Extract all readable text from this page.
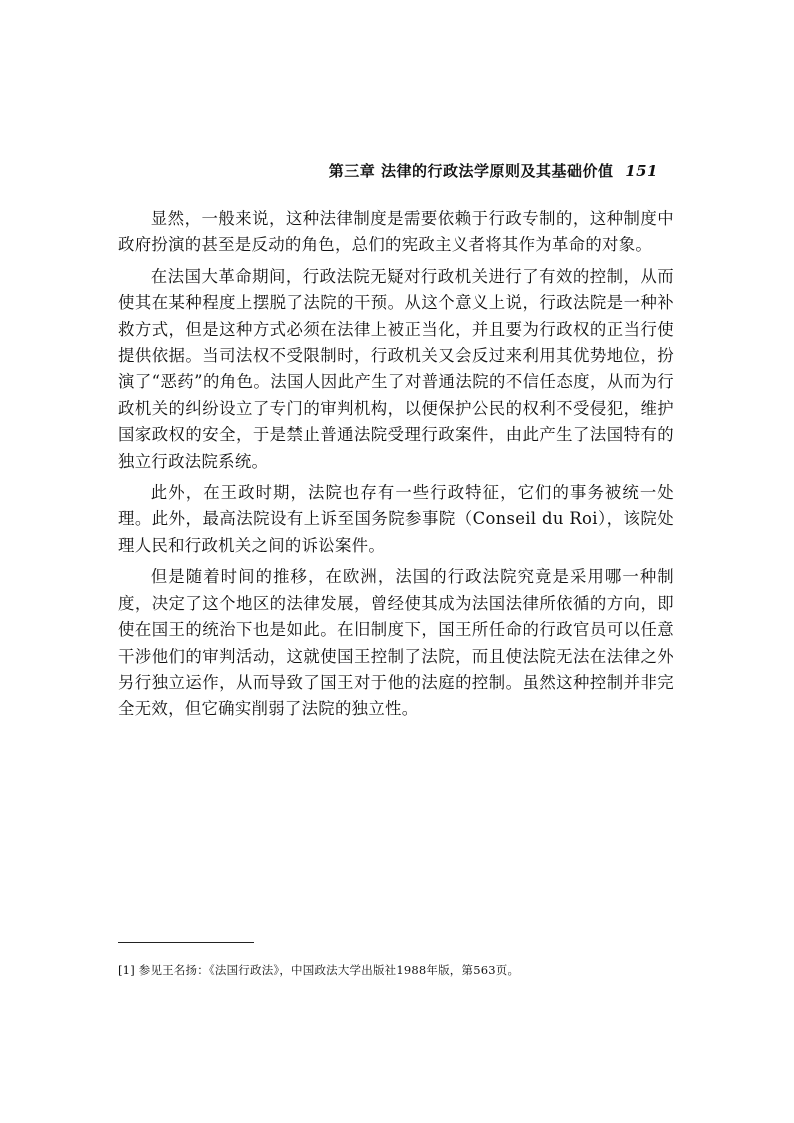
第三章 法律的行政法学原则及其基础价值 151

显然，一般来说，这种法律制度是需要依赖于行政专制的，这种制度中政府扮演的甚至是反动的角色，总们的宪政主义者将其作为革命的对象。

在法国大革命期间，行政法院无疑对行政机关进行了有效的控制，从而使其在某种程度上摆脱了法院的干预。从这个意义上说，行政法院是一种补救方式，但是这种方式必须在法律上被正当化，并且要为行政权的正当行使提供依据。当司法权不受限制时，行政机关又会反过来利用其优势地位，扮演了“恶药”的角色。法国人因此产生了对普通法院的不信任态度，从而为行政机关的纠纷设立了专门的审判机构，以便保护公民的权利不受侵犯，维护国家政权的安全，于是禁止普通法院受理行政案件，由此产生了法国特有的独立行政法院系统。

此外，在王政时期，法院也存有一些行政特征，它们的事务被统一处理。此外，最高法院设有上诉至国务院参事院（Conseil du Roi），该院处理人民和行政机关之间的诉讼案件。

但是随着时间的推移，在欧洲，法国的行政法院究竟是采用哪一种制度，决定了这个地区的法律发展，曾经使其成为法国法律所依循的方向，即使在国王的统治下也是如此。在旧制度下，国王所任命的行政官员可以任意干涉他们的审判活动，这就使国王控制了法院，而且使法院无法在法律之外另行独立运作，从而导致了国王对于他的法庭的控制。虽然这种控制并非完全无效，但它确实削弱了法院的独立性。

[1] 参见王名扬：《法国行政法》，中国政法大学出版社1988年版，第563页。
